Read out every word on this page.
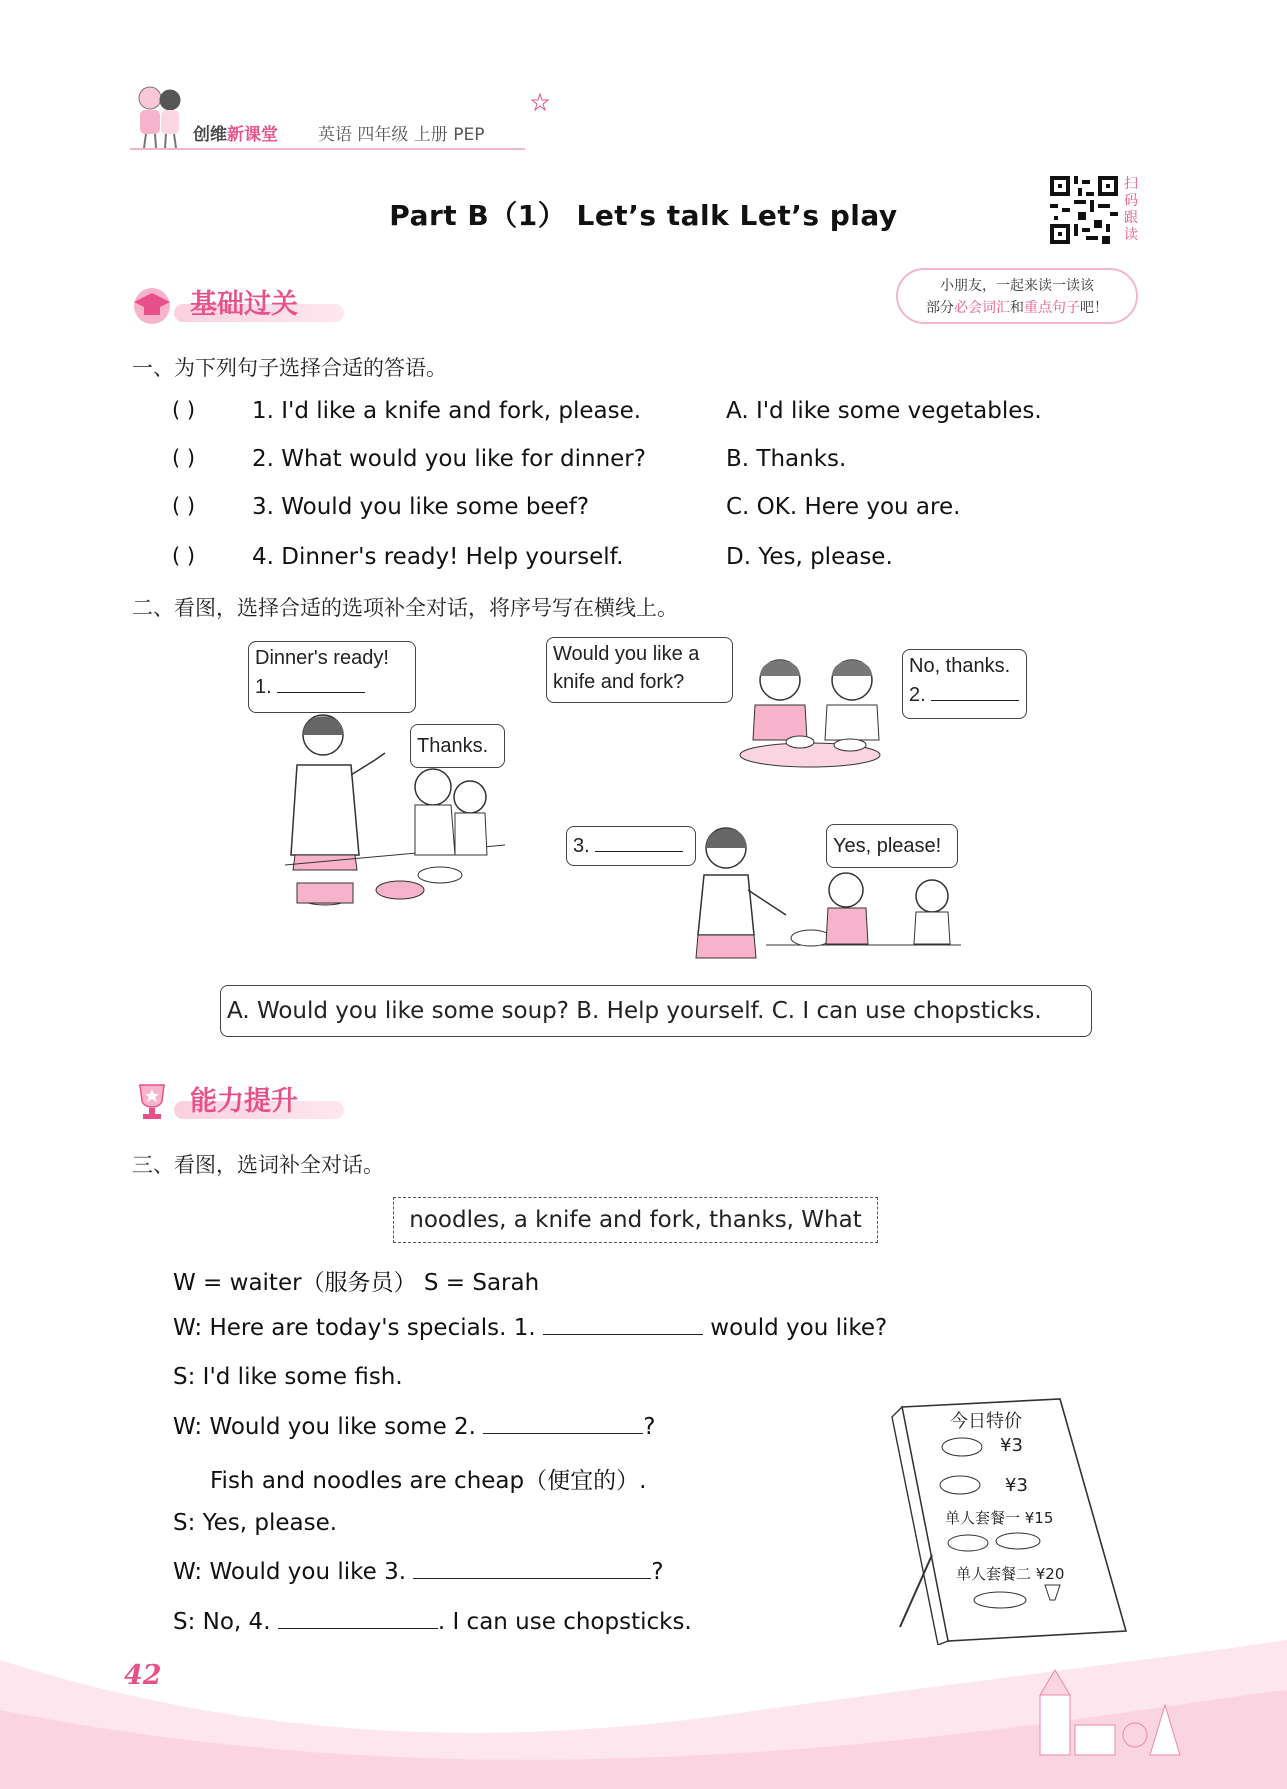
创维新课堂 英语 四年级 上册 PEP
Part B（1） Let’s talk Let’s play
扫码跟读
小朋友，一起来读一读该
部分必会词汇和重点句子吧！
基础过关
一、为下列句子选择合适的答语。
( ) 1. I'd like a knife and fork, please.	A. I'd like some vegetables.
( ) 2. What would you like for dinner?	B. Thanks.
( ) 3. Would you like some beef?	C. OK. Here you are.
( ) 4. Dinner's ready! Help yourself.	D. Yes, please.
二、看图，选择合适的选项补全对话，将序号写在横线上。
Dinner's ready!
1.
Thanks.
Would you like a
knife and fork?
No, thanks.
2.
3.	Yes, please!
A. Would you like some soup? B. Help yourself. C. I can use chopsticks.
能力提升
三、看图，选词补全对话。
noodles, a knife and fork, thanks, What
W = waiter（服务员） S = Sarah
W: Here are today's specials. 1.	would you like?
S: I'd like some fish.
W: Would you like some 2.	?
Fish and noodles are cheap（便宜的）.
S: Yes, please.
W: Would you like 3.	?
S: No, 4.	. I can use chopsticks.
今日特价
¥3
¥3
单人套餐一 ¥15
单人套餐二 ¥20
42
